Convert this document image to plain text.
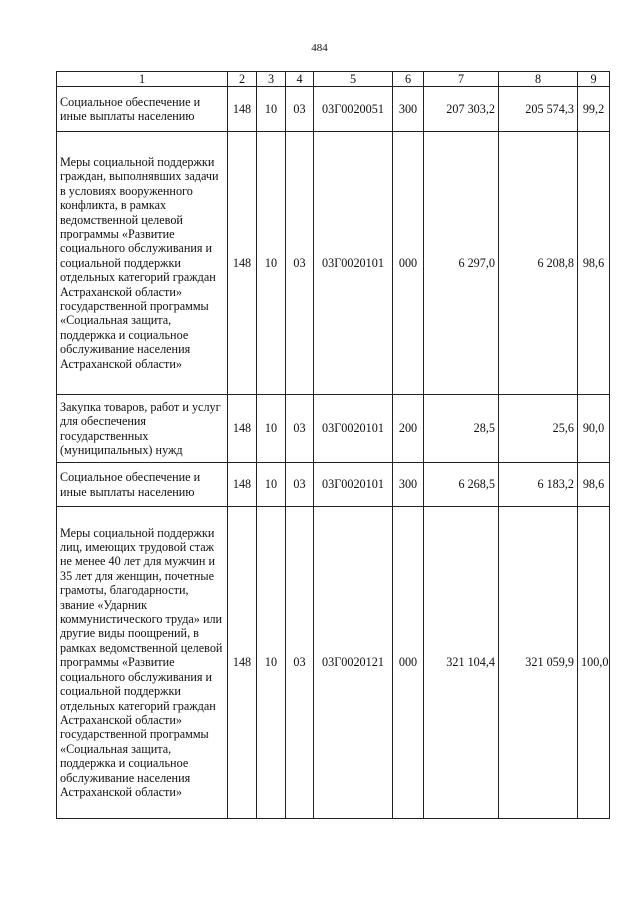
484
1	2	3	4	5	6	7	8	9
Социальное обеспечение и иные выплаты населению	148	10	03	03Г0020051	300	207 303,2	205 574,3	99,2
Меры социальной поддержки граждан, выполнявших задачи в условиях вооруженного конфликта, в рамках ведомственной целевой программы «Развитие социального обслуживания и социальной поддержки отдельных категорий граждан Астраханской области» государственной программы «Социальная защита, поддержка и социальное обслуживание населения Астраханской области»	148	10	03	03Г0020101	000	6 297,0	6 208,8	98,6
Закупка товаров, работ и услуг для обеспечения государственных (муниципальных) нужд	148	10	03	03Г0020101	200	28,5	25,6	90,0
Социальное обеспечение и иные выплаты населению	148	10	03	03Г0020101	300	6 268,5	6 183,2	98,6
Меры социальной поддержки лиц, имеющих трудовой стаж не менее 40 лет для мужчин и 35 лет для женщин, почетные грамоты, благодарности, звание «Ударник коммунистического труда» или другие виды поощрений, в рамках ведомственной целевой программы «Развитие социального обслуживания и социальной поддержки отдельных категорий граждан Астраханской области» государственной программы «Социальная защита, поддержка и социальное обслуживание населения Астраханской области»	148	10	03	03Г0020121	000	321 104,4	321 059,9	100,0
